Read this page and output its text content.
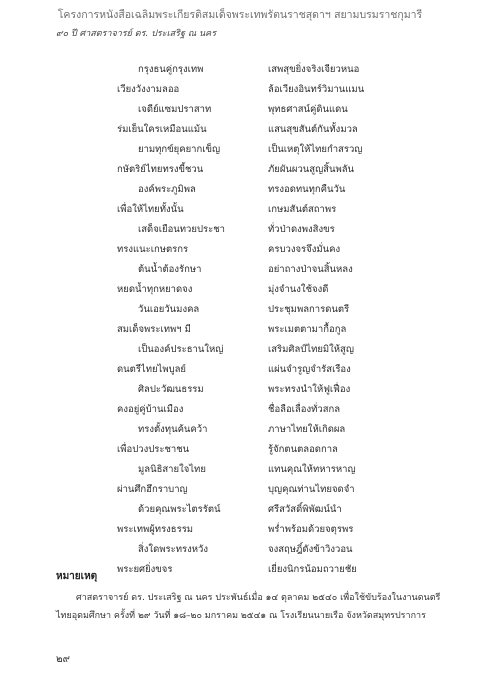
โครงการหนังสือเฉลิมพระเกียรติสมเด็จพระเทพรัตนราชสุดาฯ สยามบรมราชกุมารี
๙๐ ปี ศาสตราจารย์ ดร. ประเสริฐ ณ นคร
กรุงธนคู่กรุงเทพ	เสพสุขยิ่งจริงเจียวหนอ
เวียงวังงามลออ	ล้อเวียงอินทร์วิมานแมน
เจดีย์แซมปราสาท	พุทธศาสน์คู่ดินแดน
ร่มเย็นใครเหมือนแม้น	แสนสุขสันต์กันทั้งมวล
ยามทุกข์ยุคยากเข็ญ	เป็นเหตุให้ไทยกำสรวญ
กษัตริย์ไทยทรงขี้ชวน	ภัยผันผวนสูญสิ้นพลัน
องค์พระภูมิพล	ทรงอดทนทุกคืนวัน
เพื่อให้ไทยทั้งนั้น	เกษมสันต์สถาพร
เสด็จเยือนทวยประชา	ทั่วป่าดงพงสิงขร
ทรงแนะเกษตรกร	ครบวงจรจึงมั่นคง
ต้นน้ำต้องรักษา	อย่าถางป่าจนสิ้นหลง
หยดน้ำทุกหยาดจง	มุ่งจำนงใช้จงดี
วันเอยวันมงคล	ประชุมพลการดนตรี
สมเด็จพระเทพฯ มี	พระเมตตามากื้อกูล
เป็นองค์ประธานใหญ่	เสริมศิลป์ไทยมิให้สูญ
ดนตรีไทยไพบูลย์	แผ่นจำรูญจำรัสเรือง
ศิลปะวัฒนธรรม	พระทรงนำให้ฟูเฟื่อง
คงอยู่คู่บ้านเมือง	ชื่อลือเลื่องทั่วสกล
ทรงตั้งทุนค้นคว้า	ภาษาไทยให้เกิดผล
เพื่อปวงประชาชน	รู้จักตนตลอดกาล
มูลนิธิสายใจไทย	แทนคุณให้ทหารหาญ
ผ่านศึกฮึกราบาญ	บุญคุณท่านไทยจดจำ
ด้วยคุณพระไตรรัตน์	ศรีสวัสดิ์พิพัฒน์นำ
พระเทพผู้ทรงธรรม	พร่ำพร้อมด้วยจตุรพร
สิ่งใดพระทรงหวัง	จงสฤษฎิ์ดังข้าวิงวอน
พระยศยิ่งขจร	เยี่ยงนิกรน้อมถวายชัย
หมายเหตุ

ศาสตราจารย์ ดร. ประเสริฐ ณ นคร ประพันธ์เมื่อ ๑๔ ตุลาคม ๒๕๔๐ เพื่อใช้ขับร้องในงานดนตรีไทยอุดมศึกษา ครั้งที่ ๒๙ วันที่ ๑๘–๒๐ มกราคม ๒๕๔๑ ณ โรงเรียนนายเรือ จังหวัดสมุทรปราการ

๒๙
